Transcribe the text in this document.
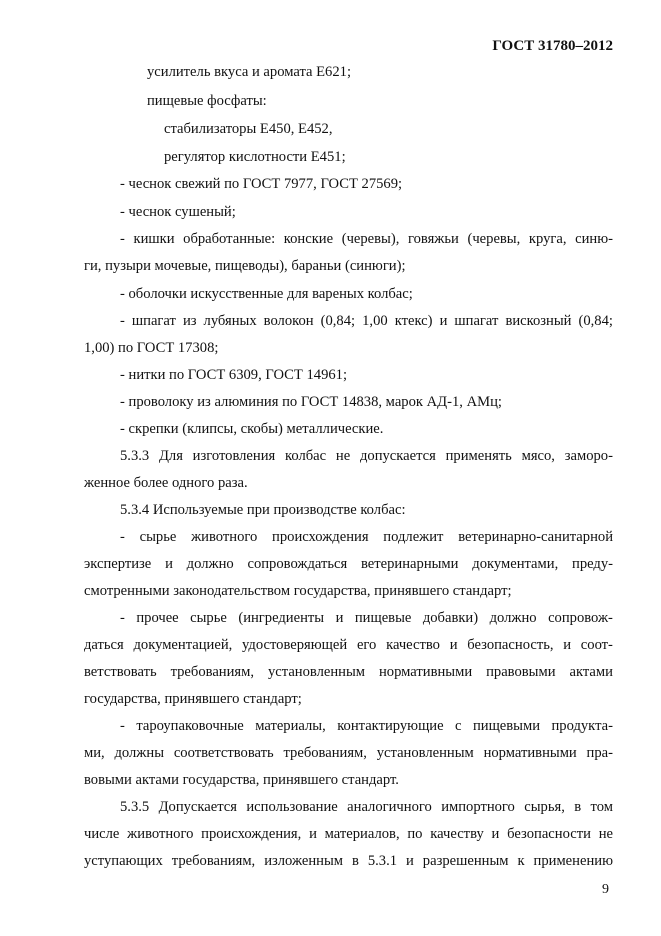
ГОСТ 31780–2012
усилитель вкуса и аромата Е621;
пищевые фосфаты:
стабилизаторы Е450, Е452,
регулятор кислотности Е451;
- чеснок свежий по ГОСТ 7977, ГОСТ 27569;
- чеснок сушеный;
- кишки обработанные: конские (черевы), говяжьи (черевы, круга, синю-
ги, пузыри мочевые, пищеводы), бараньи (синюги);
- оболочки искусственные для вареных колбас;
- шпагат из лубяных волокон (0,84; 1,00 ктекс) и шпагат вискозный (0,84;
1,00) по ГОСТ 17308;
- нитки по ГОСТ 6309, ГОСТ 14961;
- проволоку из алюминия по ГОСТ 14838, марок АД-1, АМц;
- скрепки (клипсы, скобы) металлические.
5.3.3 Для изготовления колбас не допускается применять мясо, заморо-
женное более одного раза.
5.3.4 Используемые при производстве колбас:
- сырье животного происхождения подлежит ветеринарно-санитарной
экспертизе и должно сопровождаться ветеринарными документами, преду-
смотренными законодательством государства, принявшего стандарт;
- прочее сырье (ингредиенты и пищевые добавки) должно сопровож-
даться документацией, удостоверяющей его качество и безопасность, и соот-
ветствовать требованиям, установленным нормативными правовыми актами
государства, принявшего стандарт;
- тароупаковочные материалы, контактирующие с пищевыми продукта-
ми, должны соответствовать требованиям, установленным нормативными пра-
вовыми актами государства, принявшего стандарт.
5.3.5 Допускается использование аналогичного импортного сырья, в том
числе животного происхождения, и материалов, по качеству и безопасности не
уступающих требованиям, изложенным в 5.3.1 и разрешенным к применению
9
